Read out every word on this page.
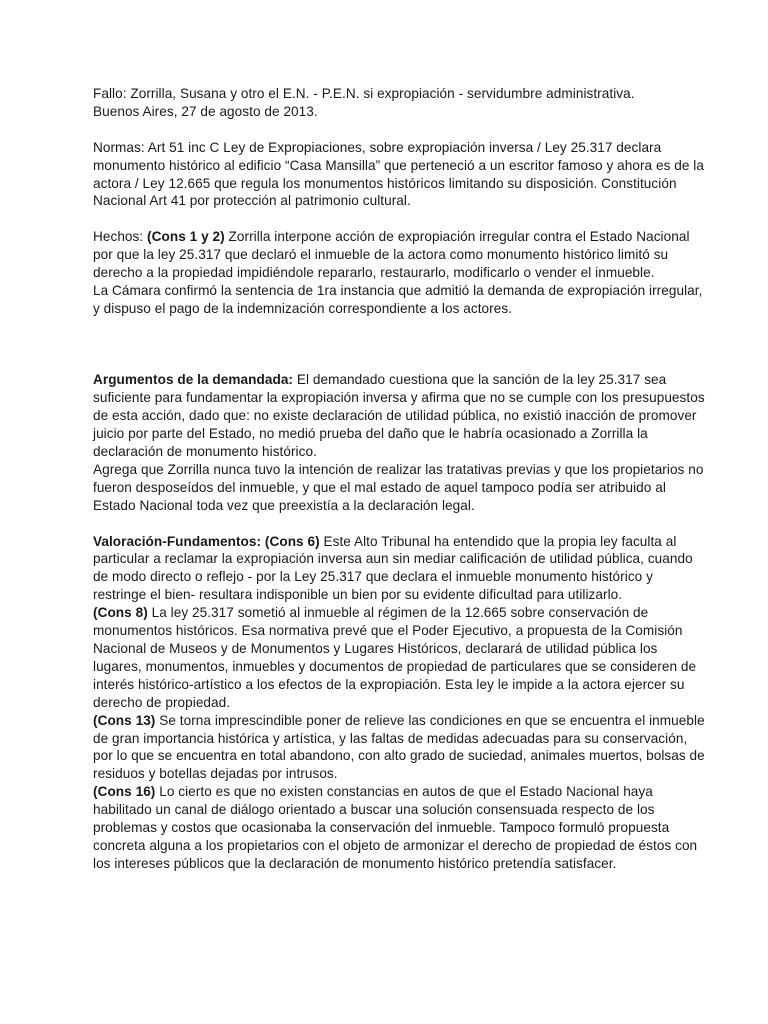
Fallo: Zorrilla, Susana y otro el E.N. - P.E.N. si expropiación - servidumbre administrativa.
Buenos Aires, 27 de agosto de 2013.

Normas: Art 51 inc C Ley de Expropiaciones, sobre expropiación inversa / Ley 25.317 declara monumento histórico al edificio “Casa Mansilla” que perteneció a un escritor famoso y ahora es de la actora / Ley 12.665 que regula los monumentos históricos limitando su disposición. Constitución Nacional Art 41 por protección al patrimonio cultural.

Hechos: (Cons 1 y 2) Zorrilla interpone acción de expropiación irregular contra el Estado Nacional por que la ley 25.317 que declaró el inmueble de la actora como monumento histórico limitó su derecho a la propiedad impidiéndole repararlo, restaurarlo, modificarlo o vender el inmueble.

La Cámara confirmó la sentencia de 1ra instancia que admitió la demanda de expropiación irregular, y dispuso el pago de la indemnización correspondiente a los actores.

Argumentos de la demandada: El demandado cuestiona que la sanción de la ley 25.317 sea suficiente para fundamentar la expropiación inversa y afirma que no se cumple con los presupuestos de esta acción, dado que: no existe declaración de utilidad pública, no existió inacción de promover juicio por parte del Estado, no medió prueba del daño que le habría ocasionado a Zorrilla la declaración de monumento histórico.

Agrega que Zorrilla nunca tuvo la intención de realizar las tratativas previas y que los propietarios no fueron desposeídos del inmueble, y que el mal estado de aquel tampoco podía ser atribuido al Estado Nacional toda vez que preexistía a la declaración legal.

Valoración-Fundamentos: (Cons 6) Este Alto Tribunal ha entendido que la propia ley faculta al particular a reclamar la expropiación inversa aun sin mediar calificación de utilidad pública, cuando de modo directo o reflejo - por la Ley 25.317 que declara el inmueble monumento histórico y restringe el bien- resultara indisponible un bien por su evidente dificultad para utilizarlo.

(Cons 8) La ley 25.317 sometió al inmueble al régimen de la 12.665 sobre conservación de monumentos históricos. Esa normativa prevé que el Poder Ejecutivo, a propuesta de la Comisión Nacional de Museos y de Monumentos y Lugares Históricos, declarará de utilidad pública los lugares, monumentos, inmuebles y documentos de propiedad de particulares que se consideren de interés histórico-artístico a los efectos de la expropiación. Esta ley le impide a la actora ejercer su derecho de propiedad.

(Cons 13) Se torna imprescindible poner de relieve las condiciones en que se encuentra el inmueble de gran importancia histórica y artística, y las faltas de medidas adecuadas para su conservación, por lo que se encuentra en total abandono, con alto grado de suciedad, animales muertos, bolsas de residuos y botellas dejadas por intrusos.

(Cons 16) Lo cierto es que no existen constancias en autos de que el Estado Nacional haya habilitado un canal de diálogo orientado a buscar una solución consensuada respecto de los problemas y costos que ocasionaba la conservación del inmueble. Tampoco formuló propuesta concreta alguna a los propietarios con el objeto de armonizar el derecho de propiedad de éstos con los intereses públicos que la declaración de monumento histórico pretendía satisfacer.
